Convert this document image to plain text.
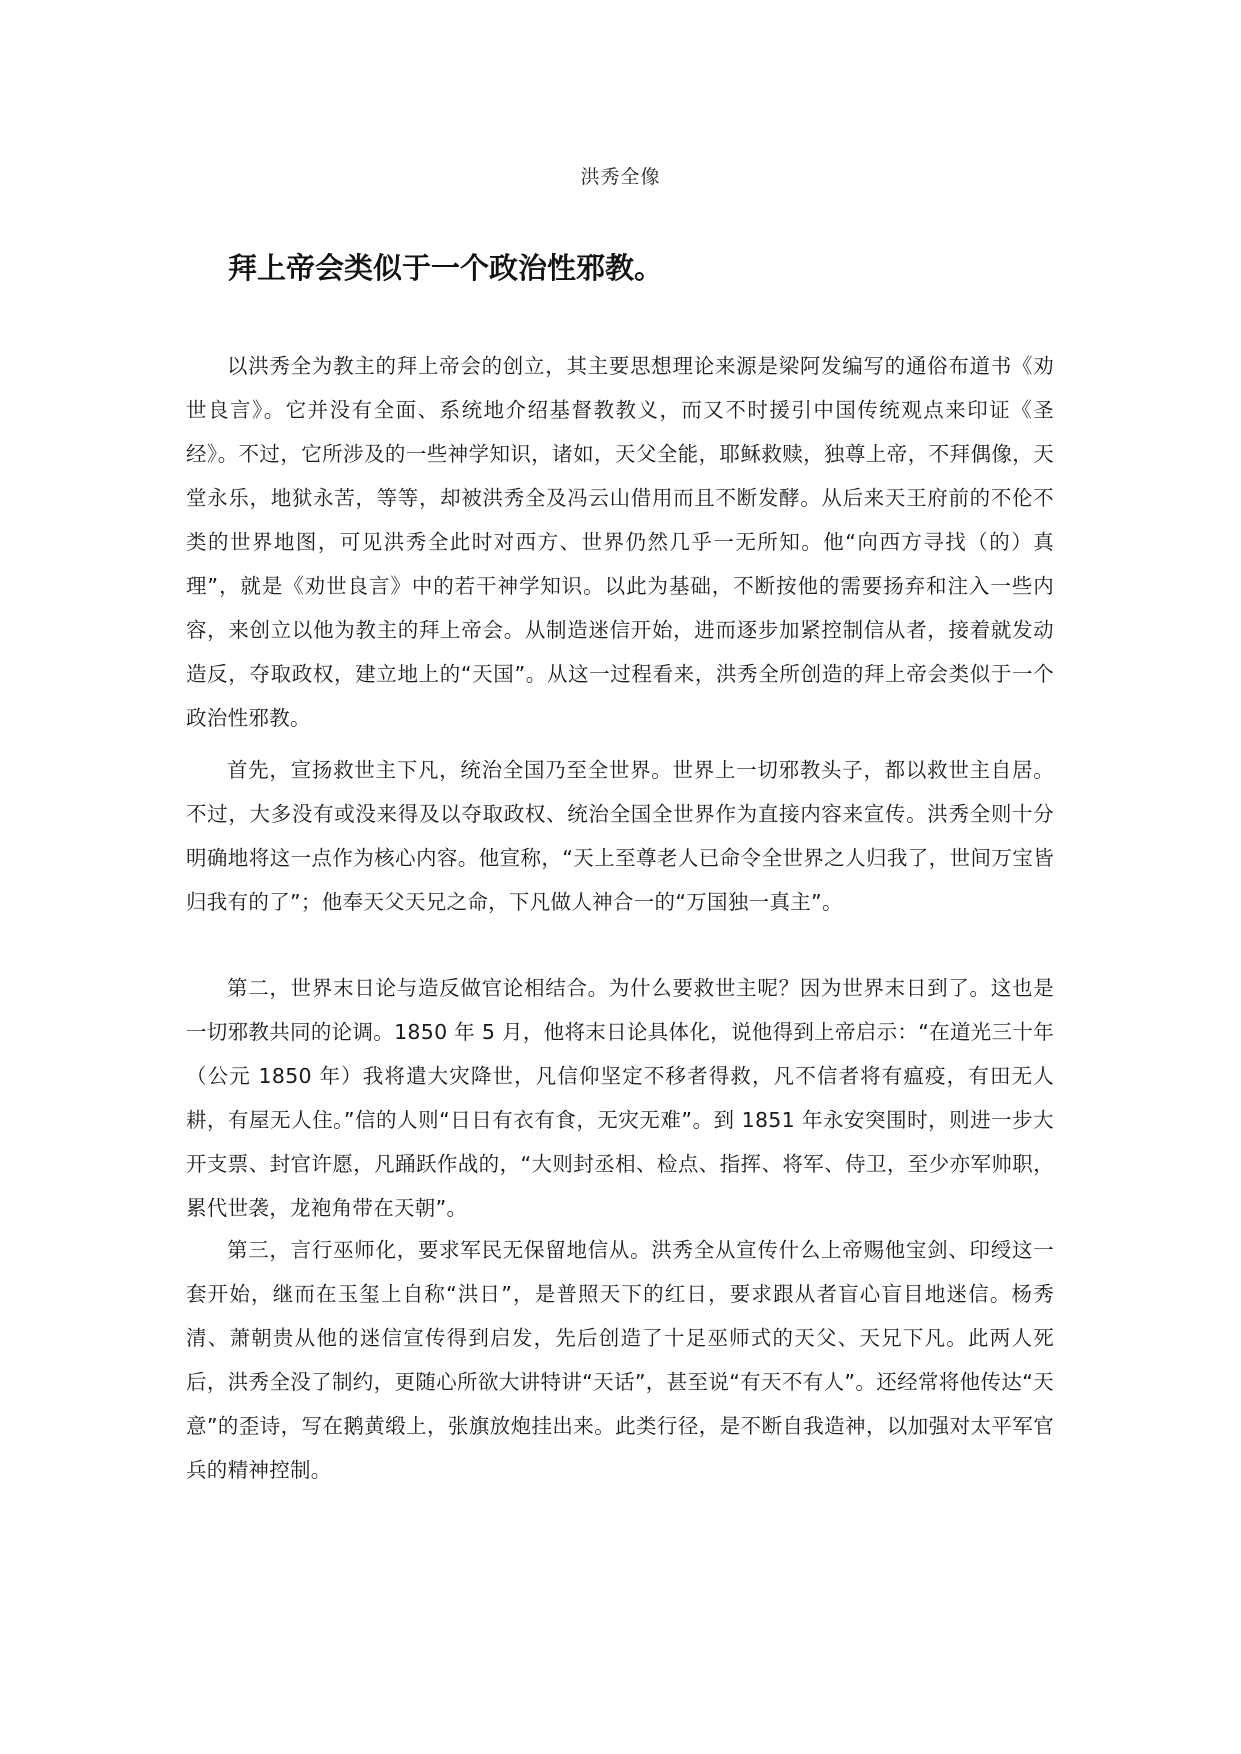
洪秀全像
拜上帝会类似于一个政治性邪教。

以洪秀全为教主的拜上帝会的创立，其主要思想理论来源是梁阿发编写的通俗布道书《劝世良言》。它并没有全面、系统地介绍基督教教义，而又不时援引中国传统观点来印证《圣经》。不过，它所涉及的一些神学知识，诸如，天父全能，耶稣救赎，独尊上帝，不拜偶像，天堂永乐，地狱永苦，等等，却被洪秀全及冯云山借用而且不断发酵。从后来天王府前的不伦不类的世界地图，可见洪秀全此时对西方、世界仍然几乎一无所知。他“向西方寻找（的）真理”，就是《劝世良言》中的若干神学知识。以此为基础，不断按他的需要扬弃和注入一些内容，来创立以他为教主的拜上帝会。从制造迷信开始，进而逐步加紧控制信从者，接着就发动造反，夺取政权，建立地上的“天国”。从这一过程看来，洪秀全所创造的拜上帝会类似于一个政治性邪教。

首先，宣扬救世主下凡，统治全国乃至全世界。世界上一切邪教头子，都以救世主自居。不过，大多没有或没来得及以夺取政权、统治全国全世界作为直接内容来宣传。洪秀全则十分明确地将这一点作为核心内容。他宣称，“天上至尊老人已命令全世界之人归我了，世间万宝皆归我有的了”；他奉天父天兄之命，下凡做人神合一的“万国独一真主”。

第二，世界末日论与造反做官论相结合。为什么要救世主呢？因为世界末日到了。这也是一切邪教共同的论调。1850 年 5 月，他将末日论具体化，说他得到上帝启示：“在道光三十年（公元 1850 年）我将遣大灾降世，凡信仰坚定不移者得救，凡不信者将有瘟疫，有田无人耕，有屋无人住。”信的人则“日日有衣有食，无灾无难”。到 1851 年永安突围时，则进一步大开支票、封官许愿，凡踊跃作战的，“大则封丞相、检点、指挥、将军、侍卫，至少亦军帅职，累代世袭，龙袍角带在天朝”。

第三，言行巫师化，要求军民无保留地信从。洪秀全从宣传什么上帝赐他宝剑、印绶这一套开始，继而在玉玺上自称“洪日”，是普照天下的红日，要求跟从者盲心盲目地迷信。杨秀清、萧朝贵从他的迷信宣传得到启发，先后创造了十足巫师式的天父、天兄下凡。此两人死后，洪秀全没了制约，更随心所欲大讲特讲“天话”，甚至说“有天不有人”。还经常将他传达“天意”的歪诗，写在鹅黄缎上，张旗放炮挂出来。此类行径，是不断自我造神，以加强对太平军官兵的精神控制。
